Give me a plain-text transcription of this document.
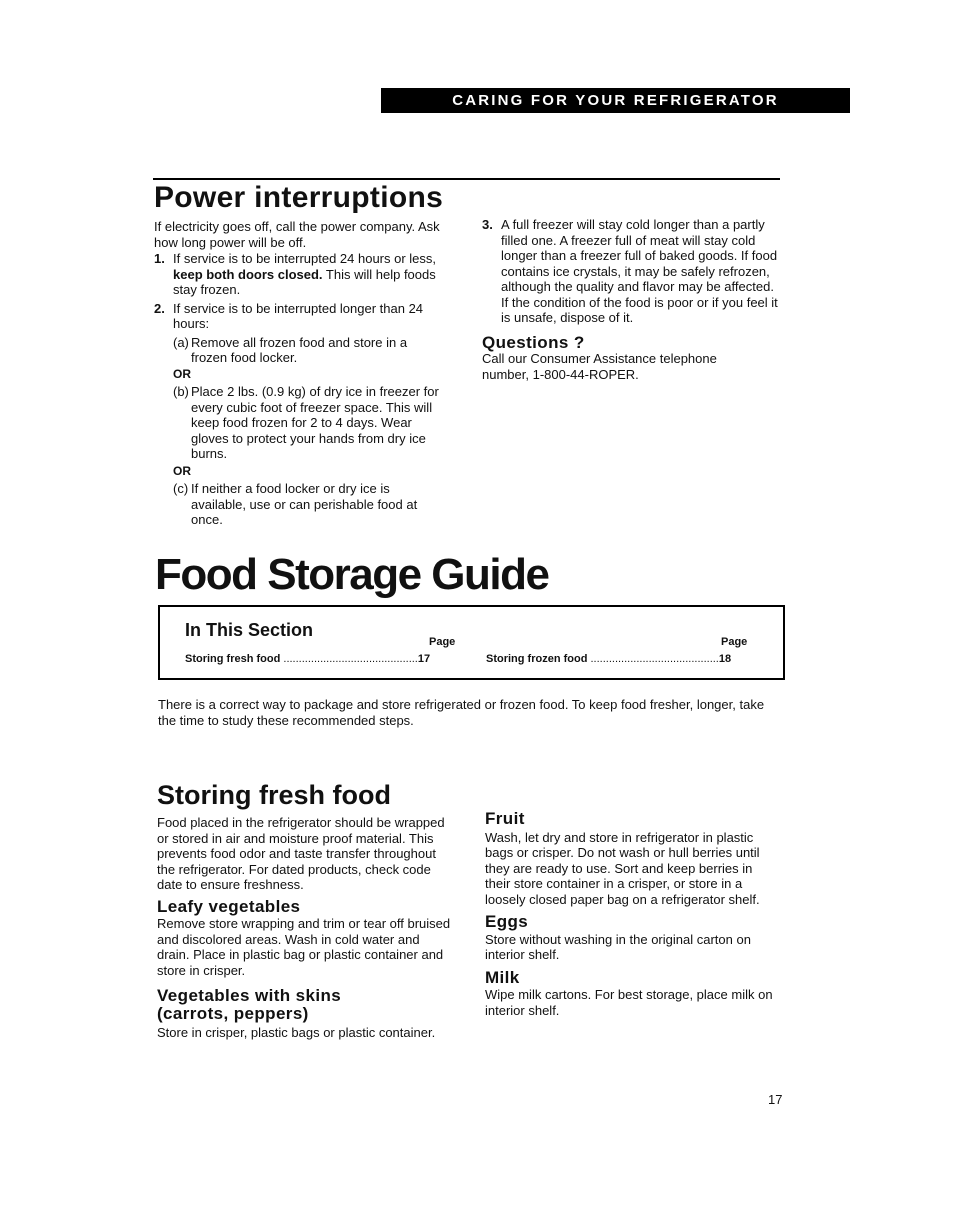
CARING FOR YOUR REFRIGERATOR
Power interruptions

If electricity goes off, call the power company. Ask how long power will be off.

1. If service is to be interrupted 24 hours or less, keep both doors closed. This will help foods stay frozen.
2. If service is to be interrupted longer than 24 hours:
(a) Remove all frozen food and store in a frozen food locker.
OR
(b) Place 2 lbs. (0.9 kg) of dry ice in freezer for every cubic foot of freezer space. This will keep food frozen for 2 to 4 days. Wear gloves to protect your hands from dry ice burns.
OR
(c) If neither a food locker or dry ice is available, use or can perishable food at once.
3. A full freezer will stay cold longer than a partly filled one. A freezer full of meat will stay cold longer than a freezer full of baked goods. If food contains ice crystals, it may be safely refrozen, although the quality and flavor may be affected. If the condition of the food is poor or if you feel it is unsafe, dispose of it.
Questions ?

Call our Consumer Assistance telephone number, 1-800-44-ROPER.

Food Storage Guide
In This Section
Page	Page
Storing fresh food ............................................17	Storing frozen food ..........................................18

There is a correct way to package and store refrigerated or frozen food. To keep food fresher, longer, take the time to study these recommended steps.

Storing fresh food

Food placed in the refrigerator should be wrapped or stored in air and moisture proof material. This prevents food odor and taste transfer throughout the refrigerator. For dated products, check code date to ensure freshness.

Leafy vegetables

Remove store wrapping and trim or tear off bruised and discolored areas. Wash in cold water and drain. Place in plastic bag or plastic container and store in crisper.

Vegetables with skins
(carrots, peppers)

Store in crisper, plastic bags or plastic container.

Fruit

Wash, let dry and store in refrigerator in plastic bags or crisper. Do not wash or hull berries until they are ready to use. Sort and keep berries in their store container in a crisper, or store in a loosely closed paper bag on a refrigerator shelf.

Eggs

Store without washing in the original carton on interior shelf.

Milk

Wipe milk cartons. For best storage, place milk on interior shelf.

17
